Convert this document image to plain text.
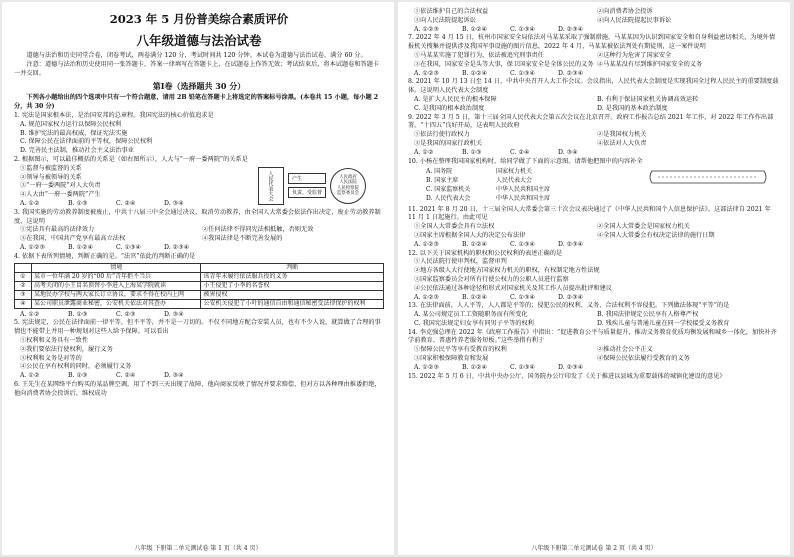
2023 年 5 月份普美综合素质评价
八年级道德与法治试卷

道德与法治和历史同堂合卷，闭卷考试，两卷满分 120 分，考试时间共 120 分钟。本试卷为道德与法治试卷，满分 60 分。

注意：道德与法治和历史使用同一张答题卡，答案一律填写在答题卡上，在试题卷上作答无效；考试结束后，将本试题卷和答题卡一并交回。

第Ⅰ卷（选择题共 30 分）

下列各小题给出的四个选项中只有一个符合题意，请用 2B 铅笔在答题卡上将选定的答案标号涂黑。(本卷共 15 小题，每小题 2 分，共 30 分)

1. 宪法是国家根本法，是治国安邦的总章程。我国宪法的核心价值追求是

A. 规范国家权力运行以保障公民权利
B. 维护宪法的最高权威，保证宪法实施
C. 保障公民在法律面前的平等权，保障公民权利
D. 完善民主法制，推动社会主义法治事业

2. 根据图示，可以最佳概括的关系是（如右图所示），人大与“一府一委两院”的关系是

人民代表大会	产生
负责、受监督
人民政府
人民法院
人民检察院
监察委员会
①监督与被监督的关系
②领导与被领导的关系
③“一府一委两院”对人大负责
④人大由“一府一委两院”产生
A. ①②	B. ①③	C. ②④	D. ③④

3. 我国实施的劳动教养制度被废止，中共十八届三中全会通过决议，取消劳动教养，由全国人大常委会依法作出决定，废止劳动教养制度，这说明

①宪法具有最高的法律效力	②任何法律不得同宪法相抵触，否则无效
③在我国，中国共产党享有最高立法权	④我国法律是不断完善发展的
A. ①②③	B. ①②④	C. ①③④	D. ②③④

4. 依据下表所列情境，判断正确的是。“法官”依此的判断正确的是

	情境	判断
①	某市一位年满 20 岁的“00 后”青年拒不当兵	该青年未履行依法服兵役的义务
②	高考关闭的小王冒名顶替小李进入上海某学院就读	小王侵犯了小李的名誉权
③	某地民办学校与两大家长订立协议，要求不得在校内上网	被害侵权
④	某公司职员泄露商业秘密，公安机关依法对其查办	公安机关侵犯了小叶的通信自由和通信秘密受法律保护的权利
A. ①②	B. ①③	C. ②③	D. ③④

5. 宪法规定，公民在法律面前一律平等，但不平等，并不是一刀切的。不仅不同地方配合安装人员，也有不少人说，就算做了合理的事情也不能带上并用一种规划对这些人给予保障。可以看出

①权利和义务具有一致性
②我们要依法行使权利，履行义务
③权利和义务是对等的
④公民在享有权利的同时，必须履行义务
A. ①②	B. ①③	C. ②④	D. ③④

6. 王先生在某网络平台购买的某品牌空调，用了不到三天出现了故障，他向商家反映了情况并要求赔偿，但对方以各种理由推诿拒绝，他向消费者协会投诉后，维权成功

八年级 下册第二单元测试卷 第 1 页（共 4 页）
①依法维护自己的合法权益	②向消费者协会投诉
③向人民法院提起诉讼	④向人民法院提起民事诉讼
A. ①②③	B. ①②④	C. ①③④	D. ②③④

7. 2022 年 4 月 15 日，杭州市国家安全局依法对马某某采取了强制措施，马某某因为认识到国家安全和自身利益密切相关，为境外情报机关搜集并提供涉及我国军事设施的图片信息，2022 年 4 月，马某某被依法判处有期徒刑，这一案件说明

①马某某实施了犯罪行为，依法被追究刑事责任	②这种行为危害了国家安全
③在我国，国家安全是头等大事，保卫国家安全是全体公民的义务 ④马某某没有尽到维护国家安全的义务
A. ①②③	B. ①②④	C. ①③④	D. ②③④

8. 2021 年 10 月 13 日至 14 日，中共中央召开人大工作会议。会议指出，人民代表大会制度是实现我国全过程人民民主的重要制度载体。这说明人民代表大会制度

A. 是扩大人民民主的根本保障	B. 有利于保证国家机关协调高效运转
C. 是我国的根本政治制度	D. 是我国的基本政治制度

9. 2022 年 3 月 5 日，第十三届全国人民代表大会第五次会议在北京召开。政府工作报告总结 2021 年工作，对 2022 年工作作出部署。“十四五”良好开局，这表明人民政府

①依法行使行政权力	②是我国权力机关
③是我国的国家行政机关	④依法对人大负责
A. ①②	B. ①③	C. ②④	D. ③④

10. 小杨在整理我国国家机构时，给同学做了下面的示意图。请帮他把图中的内容补全

A. 国务院	国家权力机关
B. 国家主席	人民代表大会
C. 国家监察机关	中华人民共和国主席
D. 人民代表大会	中华人民共和国主席

11. 2021 年 8 月 20 日，十三届全国人大常委会第三十次会议表决通过了《中华人民共和国个人信息保护法》。这部法律自 2021 年 11 月 1 日起施行。由此可见

①全国人大常委会具有立法权	②全国人大常委会是国家权力机关
③国家主席根据全国人大的决定公布法律	④全国人大常委会有权决定法律的施行日期
A. ①②③	B. ①②④	C. ①③④	D. ②③④

12. 以下关于国家机构的职权和公民权利的表述正确的是

①人民法院行使审判权，监督审判
②地方各级人大行使地方国家权力机关的职权，有权制定地方性法规
③国家监察委员会对所有行使公权力的公职人员进行监察
④公民依法通过各种途径和形式对国家机关及其工作人员提出批评和建议
A. ①②③	B. ①②④	C. ①③④	D. ②③④

13. 在法律面前，人人平等，人人都是平等的；侵犯公民的权利、义务，合法权利不容侵犯。下列做法体现“平等”的是

A. 某公司规定员工工资随职务而有所变化	B. 我国法律规定公民享有人格尊严权
C. 我国宪法规定妇女享有同男子平等的权利	D. 残疾儿童与普通儿童在同一学校接受义务教育

14. 李克强总理在 2022 年《政府工作报告》中指出：“促进教育公平与质量提升，推动义务教育优质均衡发展和城乡一体化，加快补齐学前教育、普惠性养老服务短板。”这些举措有利于

①保障公民平等享有受教育的权利	②推动社会公平正义
③国家积极保障教育和发展	④保障公民依法履行受教育的义务
A. ①②③	B. ①②④	C. ①③④	D. ②③④

15. 2022 年 5 月 6 日，中共中央办公厅、国务院办公厅印发了《关于推进以县城为重要载体的城镇化建设的意见》

八年级下册第二单元测试卷 第 2 页（共 4 页）
